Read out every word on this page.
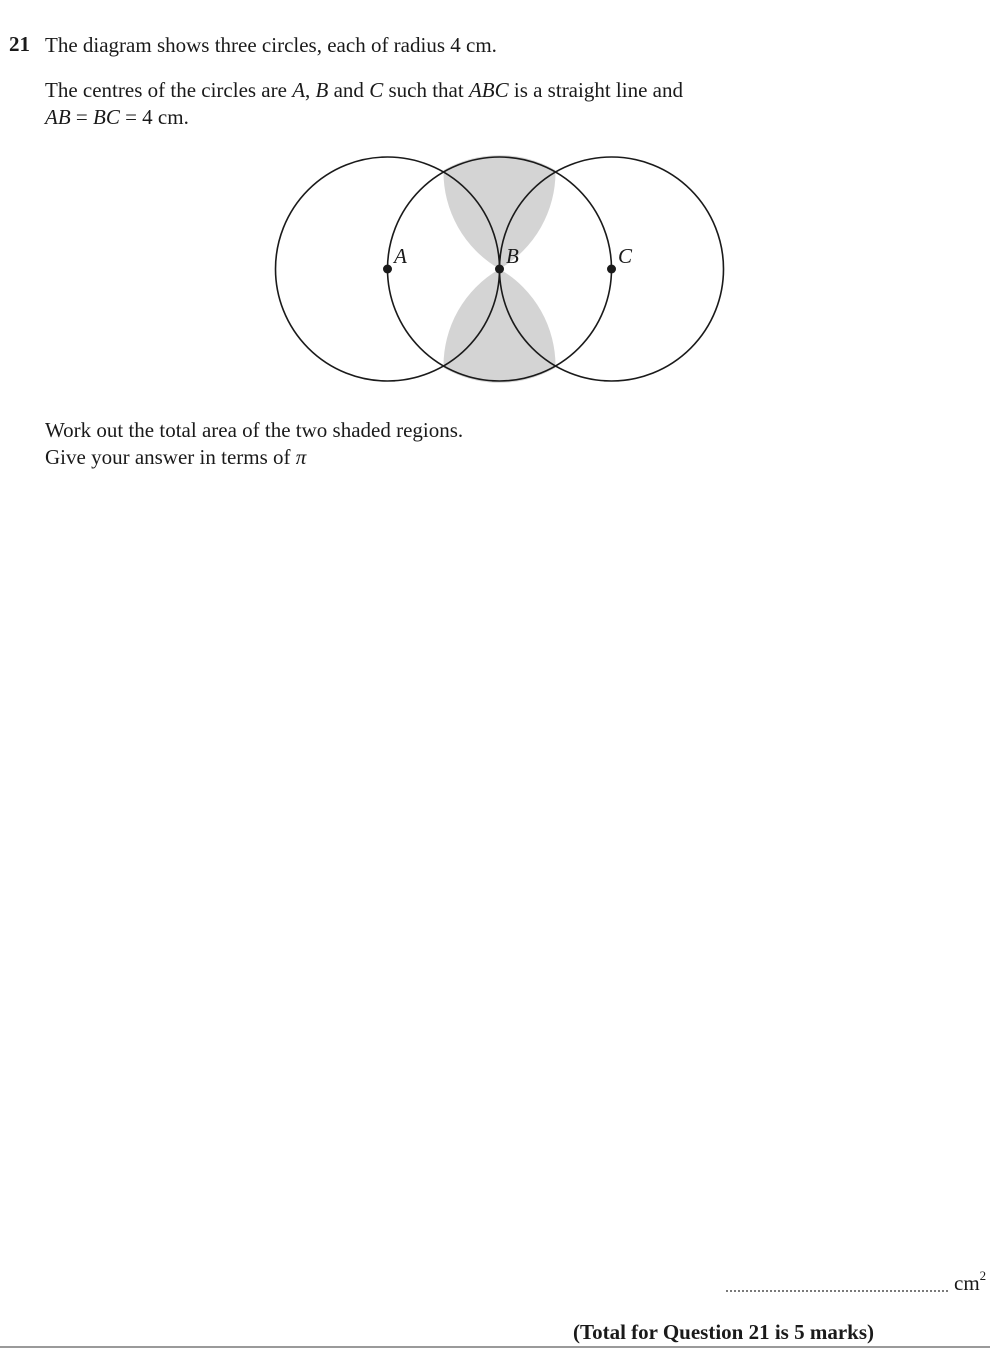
21 The diagram shows three circles, each of radius 4 cm.
The centres of the circles are A, B and C such that ABC is a straight line and
AB = BC = 4 cm.
A	B	C
Work out the total area of the two shaded regions.
Give your answer in terms of π
$cm^2$
(Total for Question 21 is 5 marks)
